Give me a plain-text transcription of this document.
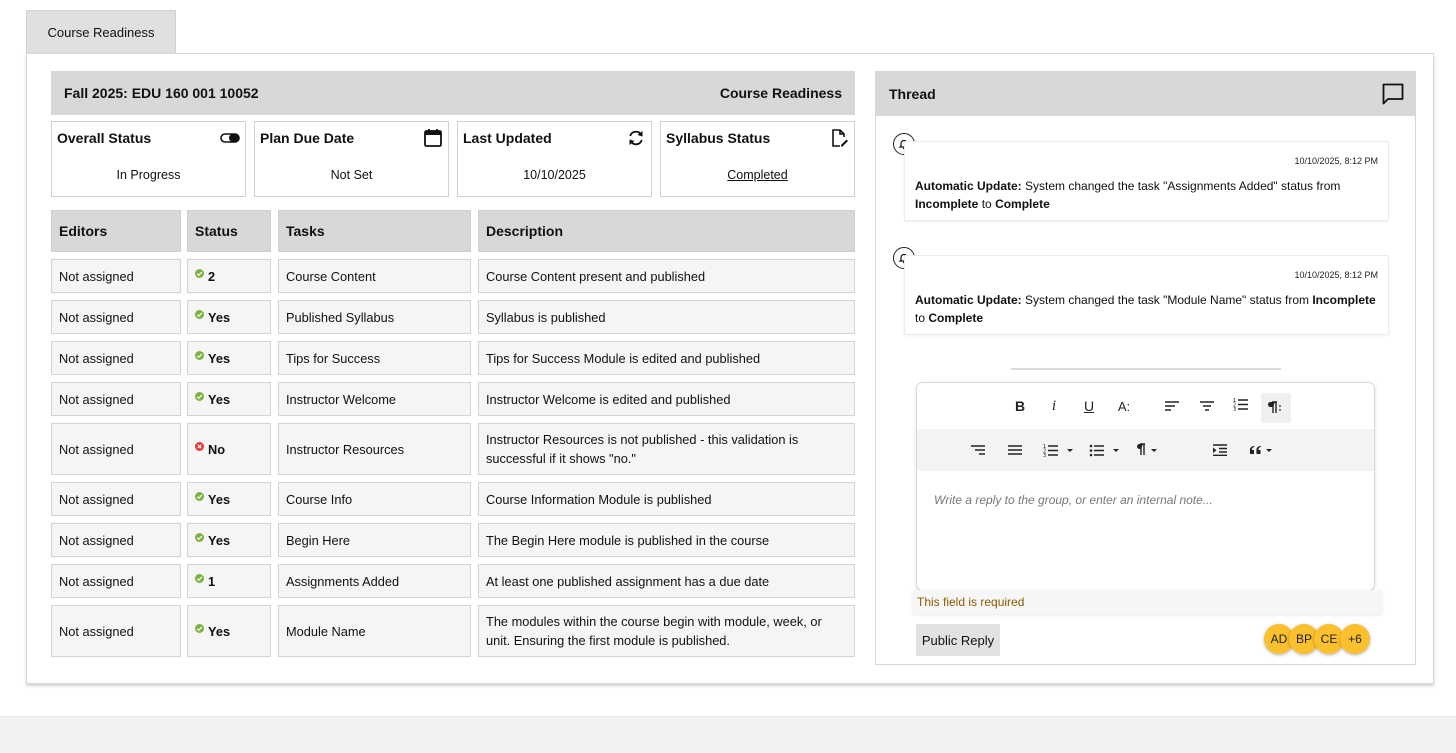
Course Readiness
Fall 2025: EDU 160 001 10052	Course Readiness
Overall Status
In Progress
Plan Due Date
Not Set
Last Updated
10/10/2025
Syllabus Status
Completed
Editors	Status	Tasks	Description
Not assigned	2	Course Content	Course Content present and published
Not assigned	Yes	Published Syllabus	Syllabus is published
Not assigned	Yes	Tips for Success	Tips for Success Module is edited and published
Not assigned	Yes	Instructor Welcome	Instructor Welcome is edited and published
Not assigned	No	Instructor Resources
Instructor Resources is not published - this validation is successful if it shows "no."
Not assigned	Yes	Course Info	Course Information Module is published
Not assigned	Yes	Begin Here	The Begin Here module is published in the course
Not assigned	1	Assignments Added	At least one published assignment has a due date
Not assigned	Yes	Module Name
The modules within the course begin with module, week, or unit. Ensuring the first module is published.
Thread
10/10/2025, 8:12 PM
Automatic Update: System changed the task "Assignments Added" status from Incomplete to Complete
10/10/2025, 8:12 PM
Automatic Update: System changed the task "Module Name" status from Incomplete to Complete
B	i	U	A:	1
2
3
1
2
3
Write a reply to the group, or enter an internal note...
This field is required
Public Reply	AD BP CE +6
